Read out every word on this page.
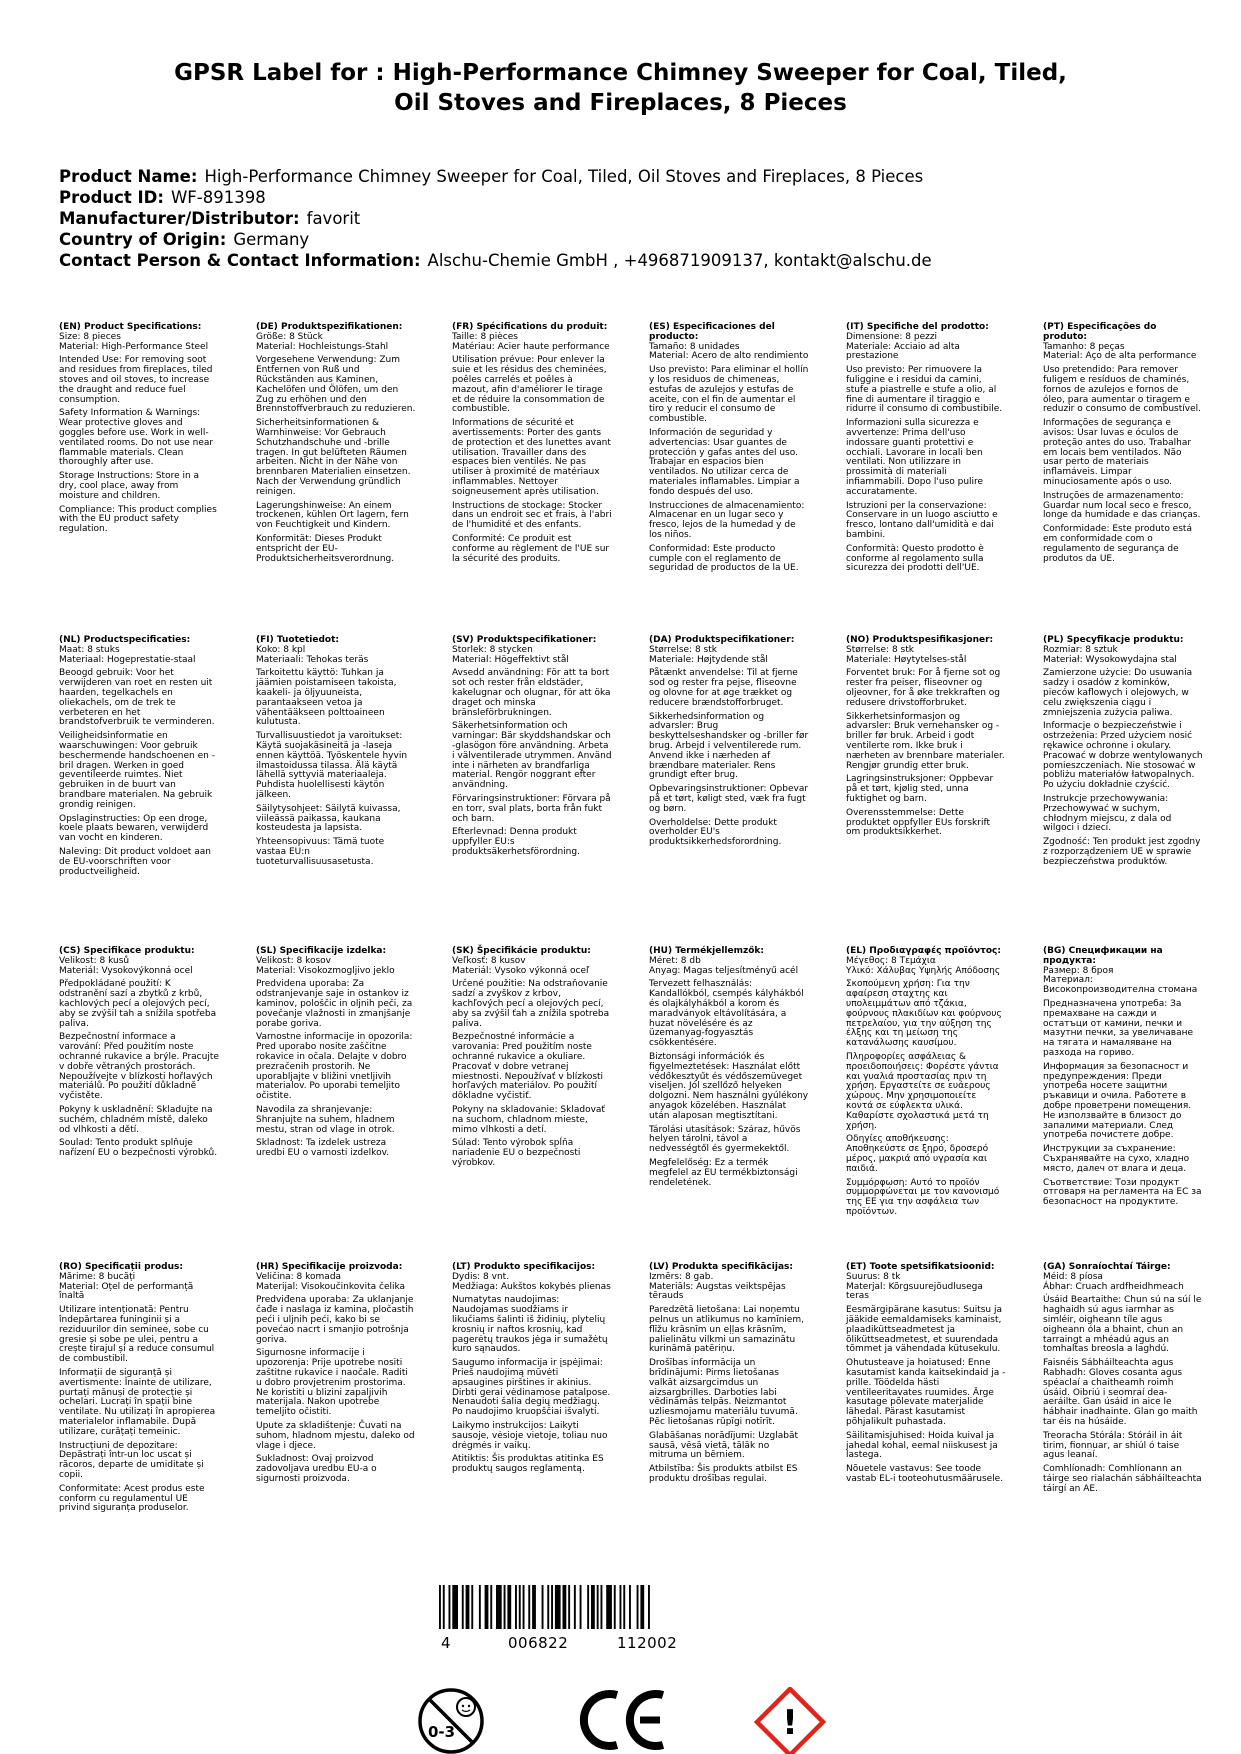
GPSR Label for : High-Performance Chimney Sweeper for Coal, Tiled,
Oil Stoves and Fireplaces, 8 Pieces
Product Name: High-Performance Chimney Sweeper for Coal, Tiled, Oil Stoves and Fireplaces, 8 Pieces
Product ID: WF-891398
Manufacturer/Distributor: favorit
Country of Origin: Germany
Contact Person & Contact Information: Alschu-Chemie GmbH , +496871909137, kontakt@alschu.de

(EN) Product Specifications:

Size: 8 pieces

Material: High-Performance Steel

Intended Use: For removing soot and residues from fireplaces, tiled stoves and oil stoves, to increase the draught and reduce fuel consumption.

Safety Information & Warnings: Wear protective gloves and goggles before use. Work in well-ventilated rooms. Do not use near flammable materials. Clean thoroughly after use.

Storage Instructions: Store in a dry, cool place, away from moisture and children.

Compliance: This product complies with the EU product safety regulation.

(DE) Produktspezifikationen:

Größe: 8 Stück

Material: Hochleistungs-Stahl

Vorgesehene Verwendung: Zum Entfernen von Ruß und Rückständen aus Kaminen, Kachelöfen und Ölöfen, um den Zug zu erhöhen und den Brennstoffverbrauch zu reduzieren.

Sicherheitsinformationen & Warnhinweise: Vor Gebrauch Schutzhandschuhe und -brille tragen. In gut belüfteten Räumen arbeiten. Nicht in der Nähe von brennbaren Materialien einsetzen. Nach der Verwendung gründlich reinigen.

Lagerungshinweise: An einem trockenen, kühlen Ort lagern, fern von Feuchtigkeit und Kindern.

Konformität: Dieses Produkt entspricht der EU-Produktsicherheitsverordnung.

(FR) Spécifications du produit:

Taille: 8 pièces

Matériau: Acier haute performance

Utilisation prévue: Pour enlever la suie et les résidus des cheminées, poêles carrelés et poêles à mazout, afin d'améliorer le tirage et de réduire la consommation de combustible.

Informations de sécurité et avertissements: Porter des gants de protection et des lunettes avant utilisation. Travailler dans des espaces bien ventilés. Ne pas utiliser à proximité de matériaux inflammables. Nettoyer soigneusement après utilisation.

Instructions de stockage: Stocker dans un endroit sec et frais, à l'abri de l'humidité et des enfants.

Conformité: Ce produit est conforme au règlement de l'UE sur la sécurité des produits.

(ES) Especificaciones del producto:

Tamaño: 8 unidades

Material: Acero de alto rendimiento

Uso previsto: Para eliminar el hollín y los residuos de chimeneas, estufas de azulejos y estufas de aceite, con el fin de aumentar el tiro y reducir el consumo de combustible.

Información de seguridad y advertencias: Usar guantes de protección y gafas antes del uso. Trabajar en espacios bien ventilados. No utilizar cerca de materiales inflamables. Limpiar a fondo después del uso.

Instrucciones de almacenamiento: Almacenar en un lugar seco y fresco, lejos de la humedad y de los niños.

Conformidad: Este producto cumple con el reglamento de seguridad de productos de la UE.

(IT) Specifiche del prodotto:

Dimensione: 8 pezzi

Materiale: Acciaio ad alta prestazione

Uso previsto: Per rimuovere la fuliggine e i residui da camini, stufe a piastrelle e stufe a olio, al fine di aumentare il tiraggio e ridurre il consumo di combustibile.

Informazioni sulla sicurezza e avvertenze: Prima dell'uso indossare guanti protettivi e occhiali. Lavorare in locali ben ventilati. Non utilizzare in prossimità di materiali infiammabili. Dopo l'uso pulire accuratamente.

Istruzioni per la conservazione: Conservare in un luogo asciutto e fresco, lontano dall'umidità e dai bambini.

Conformità: Questo prodotto è conforme al regolamento sulla sicurezza dei prodotti dell'UE.

(PT) Especificações do produto:

Tamanho: 8 peças

Material: Aço de alta performance

Uso pretendido: Para remover fuligem e resíduos de chaminés, fornos de azulejos e fornos de óleo, para aumentar o tiragem e reduzir o consumo de combustível.

Informações de segurança e avisos: Usar luvas e óculos de proteção antes do uso. Trabalhar em locais bem ventilados. Não usar perto de materiais inflamáveis. Limpar minuciosamente após o uso.

Instruções de armazenamento: Guardar num local seco e fresco, longe da humidade e das crianças.

Conformidade: Este produto está em conformidade com o regulamento de segurança de produtos da UE.

(NL) Productspecificaties:

Maat: 8 stuks

Materiaal: Hogeprestatie-staal

Beoogd gebruik: Voor het verwijderen van roet en resten uit haarden, tegelkachels en oliekachels, om de trek te verbeteren en het brandstofverbruik te verminderen.

Veiligheidsinformatie en waarschuwingen: Voor gebruik beschermende handschoenen en -bril dragen. Werken in goed geventileerde ruimtes. Niet gebruiken in de buurt van brandbare materialen. Na gebruik grondig reinigen.

Opslaginstructies: Op een droge, koele plaats bewaren, verwijderd van vocht en kinderen.

Naleving: Dit product voldoet aan de EU-voorschriften voor productveiligheid.

(FI) Tuotetiedot:

Koko: 8 kpl

Materiaali: Tehokas teräs

Tarkoitettu käyttö: Tuhkan ja jäämien poistamiseen takoista, kaakeli- ja öljyuuneista, parantaakseen vetoa ja vähentääkseen polttoaineen kulutusta.

Turvallisuustiedot ja varoitukset: Käytä suojakäsineitä ja -laseja ennen käyttöä. Työskentele hyvin ilmastoidussa tilassa. Älä käytä lähellä syttyviä materiaaleja. Puhdista huolellisesti käytön jälkeen.

Säilytysohjeet: Säilytä kuivassa, viileässä paikassa, kaukana kosteudesta ja lapsista.

Yhteensopivuus: Tämä tuote vastaa EU:n tuoteturvallisuusasetusta.

(SV) Produktspecifikationer:

Storlek: 8 stycken

Material: Högeffektivt stål

Avsedd användning: För att ta bort sot och rester från eldstäder, kakelugnar och olugnar, för att öka draget och minska bränsleförbrukningen.

Säkerhetsinformation och varningar: Bär skyddshandskar och -glasögon före användning. Arbeta i välventilerade utrymmen. Använd inte i närheten av brandfarliga material. Rengör noggrant efter användning.

Förvaringsinstruktioner: Förvara på en torr, sval plats, borta från fukt och barn.

Efterlevnad: Denna produkt uppfyller EU:s produktsäkerhetsförordning.

(DA) Produktspecifikationer:

Størrelse: 8 stk

Materiale: Højtydende stål

Påtænkt anvendelse: Til at fjerne sod og rester fra pejse, fliseovne og olovne for at øge trækket og reducere brændstofforbruget.

Sikkerhedsinformation og advarsler: Brug beskyttelseshandsker og -briller før brug. Arbejd i velventilerede rum. Anvend ikke i nærheden af brændbare materialer. Rens grundigt efter brug.

Opbevaringsinstruktioner: Opbevar på et tørt, køligt sted, væk fra fugt og børn.

Overholdelse: Dette produkt overholder EU's produktsikkerhedsforordning.

(NO) Produktspesifikasjoner:

Størrelse: 8 stk

Materiale: Høytytelses-stål

Forventet bruk: For å fjerne sot og rester fra peiser, fliseovner og oljeovner, for å øke trekkraften og redusere drivstofforbruket.

Sikkerhetsinformasjon og advarsler: Bruk vernehansker og -briller før bruk. Arbeid i godt ventilerte rom. Ikke bruk i nærheten av brennbare materialer. Rengjør grundig etter bruk.

Lagringsinstruksjoner: Oppbevar på et tørt, kjølig sted, unna fuktighet og barn.

Overensstemmelse: Dette produktet oppfyller EUs forskrift om produktsikkerhet.

(PL) Specyfikacje produktu:

Rozmiar: 8 sztuk

Materiał: Wysokowydajna stal

Zamierzone użycie: Do usuwania sadzy i osadów z kominków, pieców kaflowych i olejowych, w celu zwiększenia ciągu i zmniejszenia zużycia paliwa.

Informacje o bezpieczeństwie i ostrzeżenia: Przed użyciem nosić rękawice ochronne i okulary. Pracować w dobrze wentylowanych pomieszczeniach. Nie stosować w pobliżu materiałów łatwopalnych. Po użyciu dokładnie czyścić.

Instrukcje przechowywania: Przechowywać w suchym, chłodnym miejscu, z dala od wilgoci i dzieci.

Zgodność: Ten produkt jest zgodny z rozporządzeniem UE w sprawie bezpieczeństwa produktów.

(CS) Specifikace produktu:

Velikost: 8 kusů

Materiál: Vysokovýkonná ocel

Předpokládané použití: K odstranění sazí a zbytků z krbů, kachlových pecí a olejových pecí, aby se zvýšil tah a snížila spotřeba paliva.

Bezpečnostní informace a varování: Před použitím noste ochranné rukavice a brýle. Pracujte v dobře větraných prostorách. Nepoužívejte v blízkosti hořlavých materiálů. Po použití důkladně vyčistěte.

Pokyny k uskladnění: Skladujte na suchém, chladném místě, daleko od vlhkosti a dětí.

Soulad: Tento produkt splňuje nařízení EU o bezpečnosti výrobků.

(SL) Specifikacije izdelka:

Velikost: 8 kosov

Material: Visokozmogljivo jeklo

Predvidena uporaba: Za odstranjevanje saje in ostankov iz kaminov, pološčic in oljnih peči, za povečanje vlažnosti in zmanjšanje porabe goriva.

Varnostne informacije in opozorila: Pred uporabo nosite zaščitne rokavice in očala. Delajte v dobro prezračenih prostorih. Ne uporabljajte v bližini vnetljivih materialov. Po uporabi temeljito očistite.

Navodila za shranjevanje: Shranjujte na suhem, hladnem mestu, stran od vlage in otrok.

Skladnost: Ta izdelek ustreza uredbi EU o varnosti izdelkov.

(SK) Špecifikácie produktu:

Veľkosť: 8 kusov

Materiál: Vysoko výkonná oceľ

Určené použitie: Na odstraňovanie sadzí a zvyškov z krbov, kachľových pecí a olejových pecí, aby sa zvýšil ťah a znížila spotreba paliva.

Bezpečnostné informácie a varovania: Pred použitím noste ochranné rukavice a okuliare. Pracovať v dobre vetranej miestnosti. Nepoužívať v blízkosti horľavých materiálov. Po použití dôkladne vyčistiť.

Pokyny na skladovanie: Skladovať na suchom, chladnom mieste, mimo vlhkosti a detí.

Súlad: Tento výrobok spĺňa nariadenie EU o bezpečnosti výrobkov.

(HU) Termékjellemzők:

Méret: 8 db

Anyag: Magas teljesítményű acél

Tervezett felhasználás: Kandallókból, csempés kályhákból és olajkályhákból a korom és maradványok eltávolítására, a huzat növelésére és az üzemanyag-fogyasztás csökkentésére.

Biztonsági információk és figyelmeztetések: Használat előtt védőkesztyűt és védőszemüveget viseljen. Jól szellőző helyeken dolgozni. Nem használni gyúlékony anyagok közelében. Használat után alaposan megtisztítani.

Tárolási utasítások: Száraz, hűvös helyen tárolni, távol a nedvességtől és gyermekektől.

Megfelelőség: Ez a termék megfelel az EU termékbiztonsági rendeletének.

(EL) Προδιαγραφές προϊόντος:

Μέγεθος: 8 Τεμάχια

Υλικό: Χάλυβας Υψηλής Απόδοσης

Σκοπούμενη χρήση: Για την αφαίρεση σταχτης και υπολειμμάτων από τζάκια, φούρνους πλακιδίων και φούρνους πετρελαίου, για την αύξηση της έλξης και τη μείωση της κατανάλωσης καυσίμου.

Πληροφορίες ασφάλειας & προειδοποιήσεις: Φορέστε γάντια και γυαλιά προστασίας πριν τη χρήση. Εργαστείτε σε ευάερους χώρους. Μην χρησιμοποιείτε κοντά σε εύφλεκτα υλικά. Καθαρίστε σχολαστικά μετά τη χρήση.

Οδηγίες αποθήκευσης: Αποθηκεύστε σε ξηρό, δροσερό μέρος, μακριά από υγρασία και παιδιά.

Συμμόρφωση: Αυτό το προϊόν συμμορφώνεται με τον κανονισμό της ΕΕ για την ασφάλεια των προϊόντων.

(BG) Спецификации на продукта:

Размер: 8 броя

Материал: Високопроизводителна стомана

Предназначена употреба: За премахване на сажди и остатъци от камини, печки и мазутни печки, за увеличаване на тягата и намаляване на разхода на гориво.

Информация за безопасност и предупреждения: Преди употреба носете защитни ръкавици и очила. Работете в добре проветрени помещения. Не използвайте в близост до запалими материали. След употреба почистете добре.

Инструкции за съхранение: Съхранявайте на сухо, хладно място, далеч от влага и деца.

Съответствие: Този продукт отговаря на регламента на ЕС за безопасност на продуктите.

(RO) Specificații produs:

Mărime: 8 bucăți

Material: Oțel de performanță înaltă

Utilizare intenționată: Pentru îndepărtarea funinginii și a reziduurilor din seminee, sobe cu gresie și sobe pe ulei, pentru a crește tirajul și a reduce consumul de combustibil.

Informații de siguranță și avertismente: Înainte de utilizare, purtați mănuși de protecție și ochelari. Lucrați în spații bine ventilate. Nu utilizați în apropierea materialelor inflamabile. După utilizare, curățați temeinic.

Instrucțiuni de depozitare: Depăstrați într-un loc uscat și răcoros, departe de umiditate și copii.

Conformitate: Acest produs este conform cu regulamentul UE privind siguranța produselor.

(HR) Specifikacije proizvoda:

Veličina: 8 komada

Materijal: Visokoučinkovita čelika

Predviđena uporaba: Za uklanjanje čađe i naslaga iz kamina, pločastih peći i uljnih peći, kako bi se povećao nacrt i smanjio potrošnja goriva.

Sigurnosne informacije i upozorenja: Prije upotrebe nositi zaštitne rukavice i naočale. Raditi u dobro provjetrenim prostorima. Ne koristiti u blizini zapaljivih materijala. Nakon upotrebe temeljito očistiti.

Upute za skladištenje: Čuvati na suhom, hladnom mjestu, daleko od vlage i djece.

Sukladnost: Ovaj proizvod zadovoljava uredbu EU-a o sigurnosti proizvoda.

(LT) Produkto specifikacijos:

Dydis: 8 vnt.

Medžiaga: Aukštos kokybės plienas

Numatytas naudojimas: Naudojamas suodžiams ir likučiams šalinti iš židinių, plytelių krosnių ir naftos krosnių, kad pagerėtų traukos jėga ir sumažėtų kuro sąnaudos.

Saugumo informacija ir įspėjimai: Prieš naudojimą mūvėti apsaugines pirštines ir akinius. Dirbti gerai vėdinamose patalpose. Nenaudoti šalia degių medžiagų. Po naudojimo kruopščiai išvalyti.

Laikymo instrukcijos: Laikyti sausoje, vėsioje vietoje, toliau nuo drėgmės ir vaikų.

Atitiktis: Šis produktas atitinka ES produktų saugos reglamentą.

(LV) Produkta specifikācijas:

Izmērs: 8 gab.

Materiāls: Augstas veiktspējas tērauds

Paredzētā lietošana: Lai noņemtu pelnus un atlikumus no kamīniem, flīžu krāsnīm un eļļas krāsnīm, palielinātu vilkmi un samazinātu kurināmā patēriņu.

Drošības informācija un brīdinājumi: Pirms lietošanas valkāt aizsargcimdus un aizsargbrilles. Darboties labi vēdināmās telpās. Neizmantot uzliesmojamu materiālu tuvumā. Pēc lietošanas rūpīgi notīrīt.

Glabāšanas norādījumi: Uzglabāt sausā, vēsā vietā, tālāk no mitruma un bērniem.

Atbilstība: Šis produkts atbilst ES produktu drošības regulai.

(ET) Toote spetsifikatsioonid:

Suurus: 8 tk

Materjal: Kõrgsuurejõudlusega teras

Eesmärgipärane kasutus: Suitsu ja jääkide eemaldamiseks kaminaist, plaadiküttseadmetest ja õliküttseadmetest, et suurendada tõmmet ja vähendada kütusekulu.

Ohutusteave ja hoiatused: Enne kasutamist kanda kaitsekindaid ja -prille. Töödelda hästi ventileeritavates ruumides. Ärge kasutage põlevate materjalide lähedal. Pärast kasutamist põhjalikult puhastada.

Säilitamisjuhised: Hoida kuival ja jahedal kohal, eemal niiskusest ja lastega.

Nõuetele vastavus: See toode vastab EL-i tooteohutusmäärusele.

(GA) Sonraíochtaí Táirge:

Méid: 8 píosa

Ábhar: Cruach ardfheidhmeach

Úsáid Beartaithe: Chun sú na súí le haghaidh sú agus iarmhar as simléir, oigheann tíle agus oigheann óla a bhaint, chun an tarraingt a mhéadú agus an tomhaltas breosla a laghdú.

Faisnéis Sábháilteachta agus Rabhadh: Gloves cosanta agus spéaclaí a chaitheamh roimh úsáid. Oibriú i seomraí dea-aeráilte. Gan úsáid in aice le hábhair inadhainte. Glan go maith tar éis na húsáide.

Treoracha Stórála: Stóráil in áit tirim, fionnuar, ar shiúl ó taise agus leanaí.

Comhlíonadh: Comhlíonann an táirge seo rialachán sábháilteachta táirgí an AE.

4	006822	112002
0-3	!
